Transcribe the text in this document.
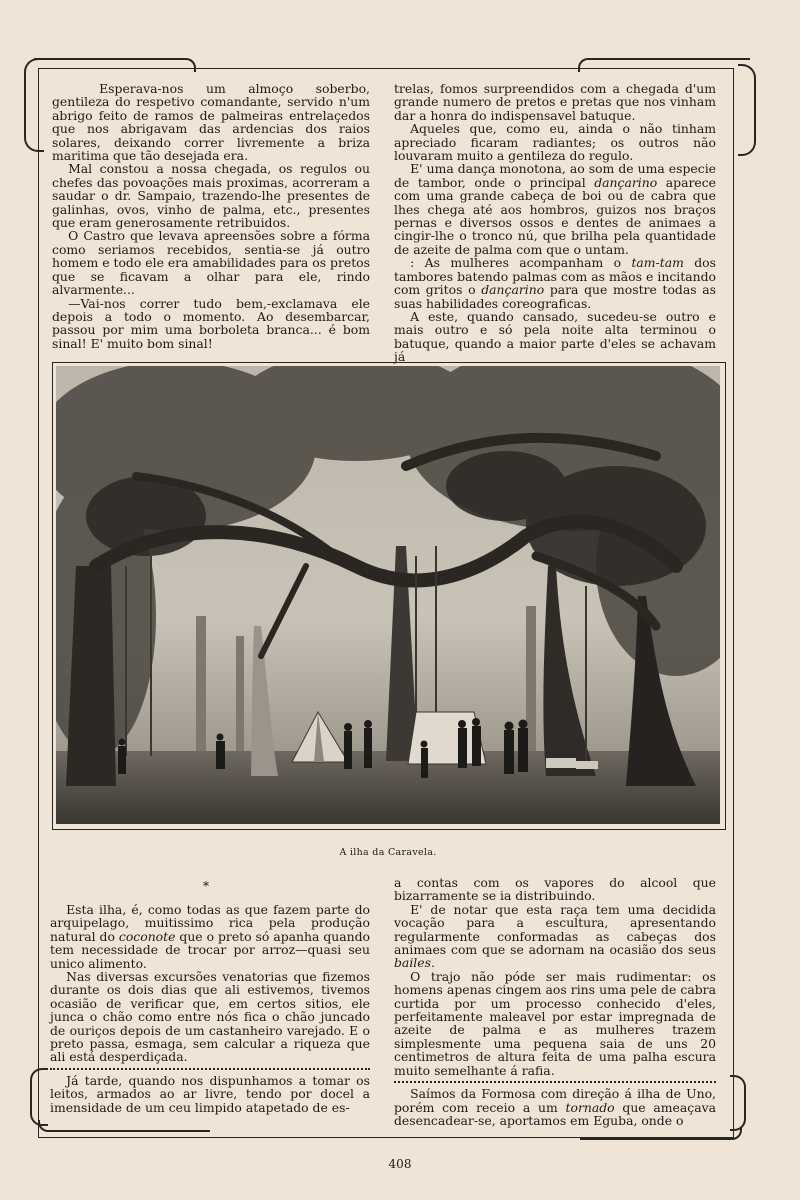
Esperava-nos um almoço soberbo, gentileza do respetivo comandante, servido n'um abrigo feito de ramos de palmeiras entrelaçedos que nos abrigavam das ardencias dos raios solares, deixando correr livremente a briza maritima que tão desejada era.

Mal constou a nossa chegada, os regulos ou chefes das povoações mais proximas, acorreram a saudar o dr. Sampaio, trazendo-lhe presentes de galinhas, ovos, vinho de palma, etc., presentes que eram generosamente retribuidos.

O Castro que levava apreensões sobre a fórma como seriamos recebidos, sentia-se já outro homem e todo ele era amabilidades para os pretos que se ficavam a olhar para ele, rindo alvarmente...

—Vai-nos correr tudo bem,-exclamava ele depois a todo o momento. Ao desembarcar, passou por mim uma borboleta branca... é bom sinal! E' muito bom sinal!

trelas, fomos surpreendidos com a chegada d'um grande numero de pretos e pretas que nos vinham dar a honra do indispensavel batuque.

Aqueles que, como eu, ainda o não tinham apreciado ficaram radiantes; os outros não louvaram muito a gentileza do regulo.

E' uma dança monotona, ao som de uma especie de tambor, onde o principal dançarino aparece com uma grande cabeça de boi ou de cabra que lhes chega até aos hombros, guizos nos braços pernas e diversos ossos e dentes de animaes a cingir-lhe o tronco nú, que brilha pela quantidade de azeite de palma com que o untam.

: As mulheres acompanham o tam-tam dos tambores batendo palmas com as mãos e incitando com gritos o dançarino para que mostre todas as suas habilidades coreograficas.

A este, quando cansado, sucedeu-se outro e mais outro e só pela noite alta terminou o batuque, quando a maior parte d'eles se achavam já

A ilha da Caravela.
*

Esta ilha, é, como todas as que fazem parte do arquipelago, muitissimo rica pela produção natural do coconote que o preto só apanha quando tem necessidade de trocar por arroz—quasi seu unico alimento.

Nas diversas excursões venatorias que fizemos durante os dois dias que ali estivemos, tivemos ocasião de verificar que, em certos sitios, ele junca o chão como entre nós fica o chão juncado de ouriços depois de um castanheiro varejado. E o preto passa, esmaga, sem calcular a riqueza que ali está desperdiçada.

Já tarde, quando nos dispunhamos a tomar os leitos, armados ao ar livre, tendo por docel a imensidade de um ceu limpido atapetado de es-

a contas com os vapores do alcool que bizarramente se ia distribuindo.

E' de notar que esta raça tem uma decidida vocação para a escultura, apresentando regularmente conformadas as cabeças dos animaes com que se adornam na ocasião dos seus bailes.

O trajo não póde ser mais rudimentar: os homens apenas cingem aos rins uma pele de cabra curtida por um processo conhecido d'eles, perfeitamente maleavel por estar impregnada de azeite de palma e as mulheres trazem simplesmente uma pequena saia de uns 20 centimetros de altura feita de uma palha escura muito semelhante á rafia.

Saímos da Formosa com direção á ilha de Uno, porém com receio a um tornado que ameaçava desencadear-se, aportamos em Eguba, onde o

408
